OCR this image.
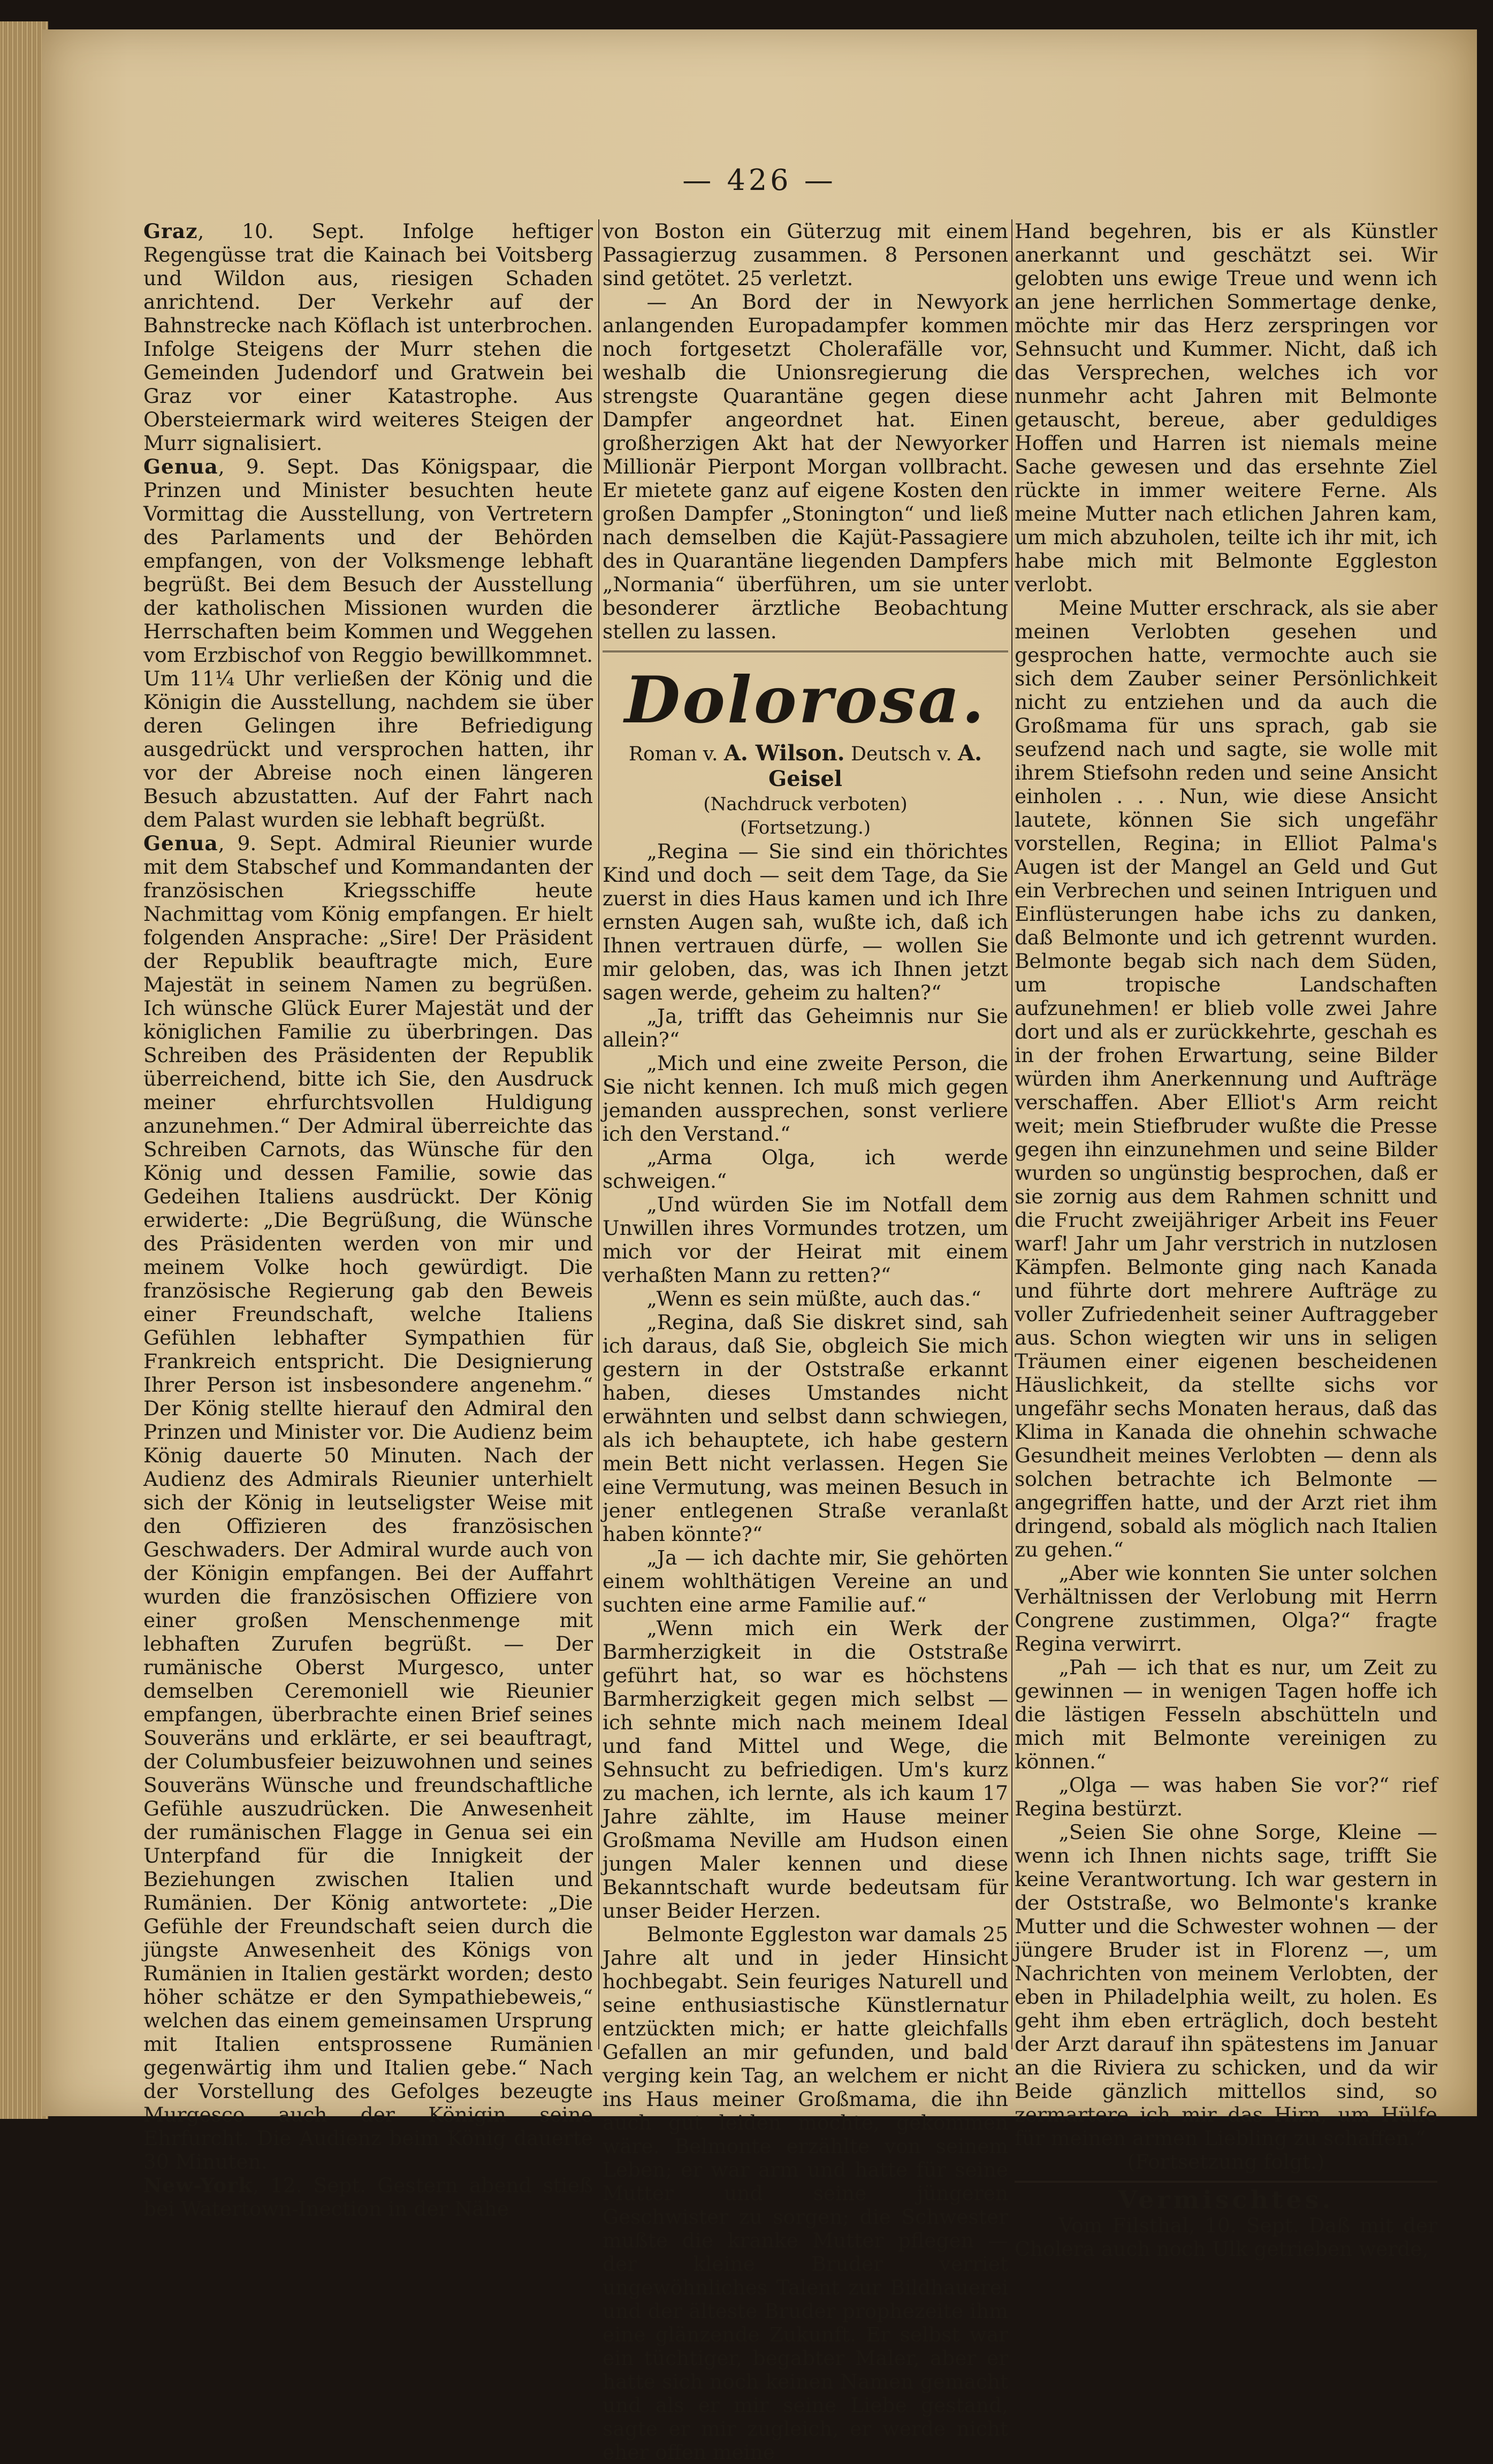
— 426 —

Graz, 10. Sept. Infolge heftiger Regengüsse trat die Kainach bei Voitsberg und Wildon aus, riesigen Schaden anrichtend. Der Verkehr auf der Bahnstrecke nach Köflach ist unterbrochen. Infolge Steigens der Murr stehen die Gemeinden Judendorf und Gratwein bei Graz vor einer Katastrophe. Aus Obersteiermark wird weiteres Steigen der Murr signalisiert.

Genua, 9. Sept. Das Königspaar, die Prinzen und Minister besuchten heute Vormittag die Ausstellung, von Vertretern des Parlaments und der Behörden empfangen, von der Volksmenge lebhaft begrüßt. Bei dem Besuch der Ausstellung der katholischen Missionen wurden die Herrschaften beim Kommen und Weggehen vom Erzbischof von Reggio bewillkommnet. Um 11¼ Uhr verließen der König und die Königin die Ausstellung, nachdem sie über deren Gelingen ihre Befriedigung ausgedrückt und versprochen hatten, ihr vor der Abreise noch einen längeren Besuch abzustatten. Auf der Fahrt nach dem Palast wurden sie lebhaft begrüßt.

Genua, 9. Sept. Admiral Rieunier wurde mit dem Stabschef und Kommandanten der französischen Kriegsschiffe heute Nachmittag vom König empfangen. Er hielt folgenden Ansprache: „Sire! Der Präsident der Republik beauftragte mich, Eure Majestät in seinem Namen zu begrüßen. Ich wünsche Glück Eurer Majestät und der königlichen Familie zu überbringen. Das Schreiben des Präsidenten der Republik überreichend, bitte ich Sie, den Ausdruck meiner ehrfurchtsvollen Huldigung anzunehmen.“ Der Admiral überreichte das Schreiben Carnots, das Wünsche für den König und dessen Familie, sowie das Gedeihen Italiens ausdrückt. Der König erwiderte: „Die Begrüßung, die Wünsche des Präsidenten werden von mir und meinem Volke hoch gewürdigt. Die französische Regierung gab den Beweis einer Freundschaft, welche Italiens Gefühlen lebhafter Sympathien für Frankreich entspricht. Die Designierung Ihrer Person ist insbesondere angenehm.“ Der König stellte hierauf den Admiral den Prinzen und Minister vor. Die Audienz beim König dauerte 50 Minuten. Nach der Audienz des Admirals Rieunier unterhielt sich der König in leutseligster Weise mit den Offizieren des französischen Geschwaders. Der Admiral wurde auch von der Königin empfangen. Bei der Auffahrt wurden die französischen Offiziere von einer großen Menschenmenge mit lebhaften Zurufen begrüßt. — Der rumänische Oberst Murgesco, unter demselben Ceremoniell wie Rieunier empfangen, überbrachte einen Brief seines Souveräns und erklärte, er sei beauftragt, der Columbusfeier beizuwohnen und seines Souveräns Wünsche und freundschaftliche Gefühle auszudrücken. Die Anwesenheit der rumänischen Flagge in Genua sei ein Unterpfand für die Innigkeit der Beziehungen zwischen Italien und Rumänien. Der König antwortete: „Die Gefühle der Freundschaft seien durch die jüngste Anwesenheit des Königs von Rumänien in Italien gestärkt worden; desto höher schätze er den Sympathiebeweis,“ welchen das einem gemeinsamen Ursprung mit Italien entsprossene Rumänien gegenwärtig ihm und Italien gebe.“ Nach der Vorstellung des Gefolges bezeugte Murgesco auch der Königin seine Ehrfurcht. Die Audienz beim König dauerte 30 Minuten.

New-York, 12. Sept. Gestern abend stieß bei Watertown-Inection in der Nähe

von Boston ein Güterzug mit einem Passagierzug zusammen. 8 Personen sind getötet. 25 verletzt.

— An Bord der in Newyork anlangenden Europadampfer kommen noch fortgesetzt Cholerafälle vor, weshalb die Unionsregierung die strengste Quarantäne gegen diese Dampfer angeordnet hat. Einen großherzigen Akt hat der Newyorker Millionär Pierpont Morgan vollbracht. Er mietete ganz auf eigene Kosten den großen Dampfer „Stonington“ und ließ nach demselben die Kajüt-Passagiere des in Quarantäne liegenden Dampfers „Normania“ überführen, um sie unter besonderer ärztliche Beobachtung stellen zu lassen.

Dolorosa.
Roman v. A. Wilson. Deutsch v. A. Geisel
(Nachdruck verboten)
(Fortsetzung.)

„Regina — Sie sind ein thörichtes Kind und doch — seit dem Tage, da Sie zuerst in dies Haus kamen und ich Ihre ernsten Augen sah, wußte ich, daß ich Ihnen vertrauen dürfe, — wollen Sie mir geloben, das, was ich Ihnen jetzt sagen werde, geheim zu halten?“

„Ja, trifft das Geheimnis nur Sie allein?“

„Mich und eine zweite Person, die Sie nicht kennen. Ich muß mich gegen jemanden aussprechen, sonst verliere ich den Verstand.“

„Arma Olga, ich werde schweigen.“

„Und würden Sie im Notfall dem Unwillen ihres Vormundes trotzen, um mich vor der Heirat mit einem verhaßten Mann zu retten?“

„Wenn es sein müßte, auch das.“

„Regina, daß Sie diskret sind, sah ich daraus, daß Sie, obgleich Sie mich gestern in der Oststraße erkannt haben, dieses Umstandes nicht erwähnten und selbst dann schwiegen, als ich behauptete, ich habe gestern mein Bett nicht verlassen. Hegen Sie eine Vermutung, was meinen Besuch in jener entlegenen Straße veranlaßt haben könnte?“

„Ja — ich dachte mir, Sie gehörten einem wohlthätigen Vereine an und suchten eine arme Familie auf.“

„Wenn mich ein Werk der Barmherzigkeit in die Oststraße geführt hat, so war es höchstens Barmherzigkeit gegen mich selbst — ich sehnte mich nach meinem Ideal und fand Mittel und Wege, die Sehnsucht zu befriedigen. Um's kurz zu machen, ich lernte, als ich kaum 17 Jahre zählte, im Hause meiner Großmama Neville am Hudson einen jungen Maler kennen und diese Bekanntschaft wurde bedeutsam für unser Beider Herzen.

Belmonte Eggleston war damals 25 Jahre alt und in jeder Hinsicht hochbegabt. Sein feuriges Naturell und seine enthusiastische Künstlernatur entzückten mich; er hatte gleichfalls Gefallen an mir gefunden, und bald verging kein Tag, an welchem er nicht ins Haus meiner Großmama, die ihn auch gut leiden mochte, gekommen wäre. Belmonte erzählte von seinem Leben; er war arm und hatte für seine Mutter und seine jüngeren Geschwister zu sorgen; die Schwester mußte die kranke Mutter pflegen — der kleine Bruder verriet ungewöhnliches Talent zur Bildhauerei und der älteste Bruder prophezeite ihm eine glänzende Zukunft. Er selbst war ein tüchtiger, begabter Maler, aber er hatte sich noch keinen Namen gemacht und als er mir seine Liebe gestand, sagte er mir zugleich, er werde nicht eher offen meine

Hand begehren, bis er als Künstler anerkannt und geschätzt sei. Wir gelobten uns ewige Treue und wenn ich an jene herrlichen Sommertage denke, möchte mir das Herz zerspringen vor Sehnsucht und Kummer. Nicht, daß ich das Versprechen, welches ich vor nunmehr acht Jahren mit Belmonte getauscht, bereue, aber geduldiges Hoffen und Harren ist niemals meine Sache gewesen und das ersehnte Ziel rückte in immer weitere Ferne. Als meine Mutter nach etlichen Jahren kam, um mich abzuholen, teilte ich ihr mit, ich habe mich mit Belmonte Eggleston verlobt.

Meine Mutter erschrack, als sie aber meinen Verlobten gesehen und gesprochen hatte, vermochte auch sie sich dem Zauber seiner Persönlichkeit nicht zu entziehen und da auch die Großmama für uns sprach, gab sie seufzend nach und sagte, sie wolle mit ihrem Stiefsohn reden und seine Ansicht einholen . . . Nun, wie diese Ansicht lautete, können Sie sich ungefähr vorstellen, Regina; in Elliot Palma's Augen ist der Mangel an Geld und Gut ein Verbrechen und seinen Intriguen und Einflüsterungen habe ichs zu danken, daß Belmonte und ich getrennt wurden. Belmonte begab sich nach dem Süden, um tropische Landschaften aufzunehmen! er blieb volle zwei Jahre dort und als er zurückkehrte, geschah es in der frohen Erwartung, seine Bilder würden ihm Anerkennung und Aufträge verschaffen. Aber Elliot's Arm reicht weit; mein Stiefbruder wußte die Presse gegen ihn einzunehmen und seine Bilder wurden so ungünstig besprochen, daß er sie zornig aus dem Rahmen schnitt und die Frucht zweijähriger Arbeit ins Feuer warf! Jahr um Jahr verstrich in nutzlosen Kämpfen. Belmonte ging nach Kanada und führte dort mehrere Aufträge zu voller Zufriedenheit seiner Auftraggeber aus. Schon wiegten wir uns in seligen Träumen einer eigenen bescheidenen Häuslichkeit, da stellte sichs vor ungefähr sechs Monaten heraus, daß das Klima in Kanada die ohnehin schwache Gesundheit meines Verlobten — denn als solchen betrachte ich Belmonte — angegriffen hatte, und der Arzt riet ihm dringend, sobald als möglich nach Italien zu gehen.“

„Aber wie konnten Sie unter solchen Verhältnissen der Verlobung mit Herrn Congrene zustimmen, Olga?“ fragte Regina verwirrt.

„Pah — ich that es nur, um Zeit zu gewinnen — in wenigen Tagen hoffe ich die lästigen Fesseln abschütteln und mich mit Belmonte vereinigen zu können.“

„Olga — was haben Sie vor?“ rief Regina bestürzt.

„Seien Sie ohne Sorge, Kleine — wenn ich Ihnen nichts sage, trifft Sie keine Verantwortung. Ich war gestern in der Oststraße, wo Belmonte's kranke Mutter und die Schwester wohnen — der jüngere Bruder ist in Florenz —, um Nachrichten von meinem Verlobten, der eben in Philadelphia weilt, zu holen. Es geht ihm eben erträglich, doch besteht der Arzt darauf ihn spätestens im Januar an die Riviera zu schicken, und da wir Beide gänzlich mittellos sind, so zermartere ich mir das Hirn, um Hülfe für meinen armen Liebling zu schaffen.“

(Fortsetzung folgt.)

Vermischtes.

Vom Filsthal, 10. Sept. Daß mit der Cholera auch noch Ulk getrieben werde,
